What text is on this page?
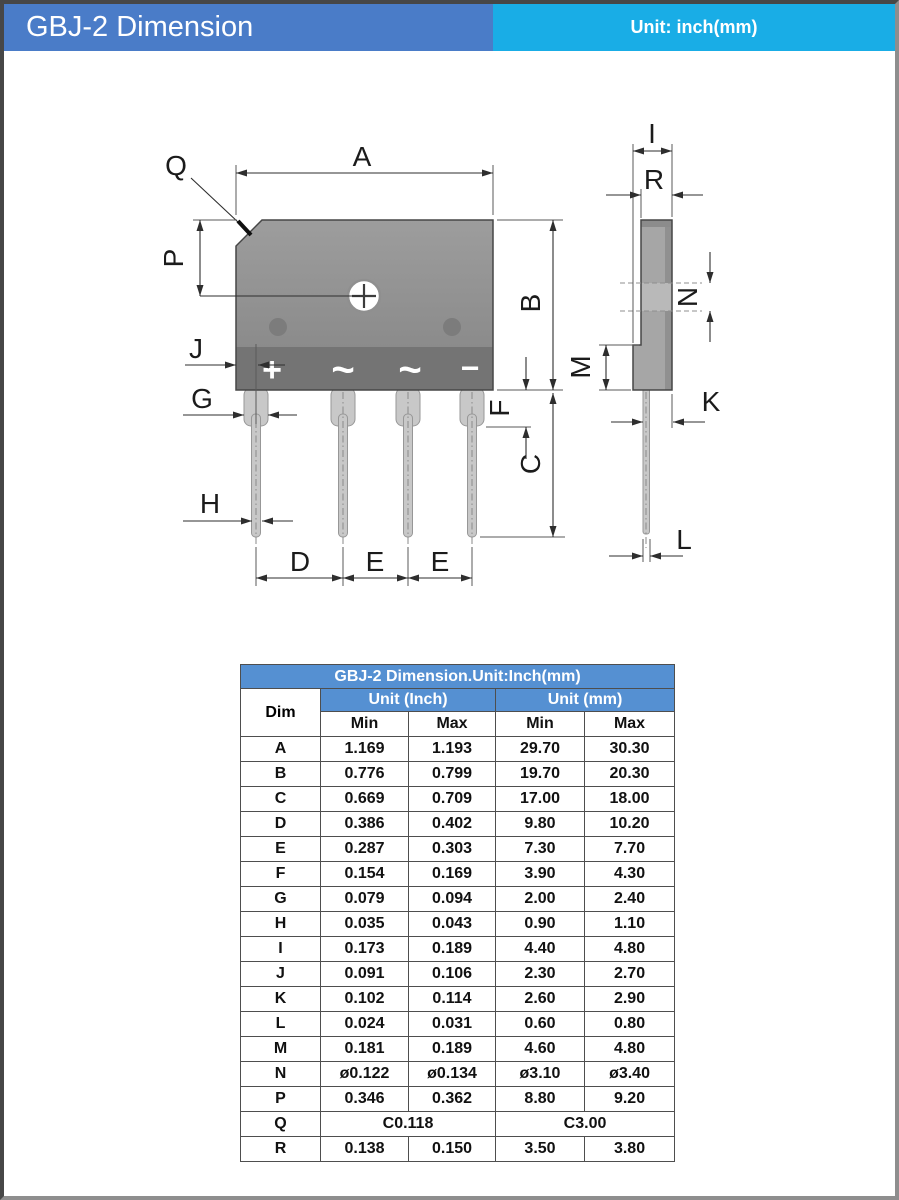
GBJ-2 Dimension	Unit: inch(mm)
+ ~ ~ −
A
Q
P
B
C
F
J
G
H
D E E
I
R
N
M
K
L
GBJ-2 Dimension.Unit:Inch(mm)				
Dim	Unit (Inch)		Unit (mm)	
	Min	Max	Min	Max
A	1.169	1.193	29.70	30.30
B	0.776	0.799	19.70	20.30
C	0.669	0.709	17.00	18.00
D	0.386	0.402	9.80	10.20
E	0.287	0.303	7.30	7.70
F	0.154	0.169	3.90	4.30
G	0.079	0.094	2.00	2.40
H	0.035	0.043	0.90	1.10
I	0.173	0.189	4.40	4.80
J	0.091	0.106	2.30	2.70
K	0.102	0.114	2.60	2.90
L	0.024	0.031	0.60	0.80
M	0.181	0.189	4.60	4.80
N	ø0.122	ø0.134	ø3.10	ø3.40
P	0.346	0.362	8.80	9.20
Q	C0.118		C3.00	
R	0.138	0.150	3.50	3.80
